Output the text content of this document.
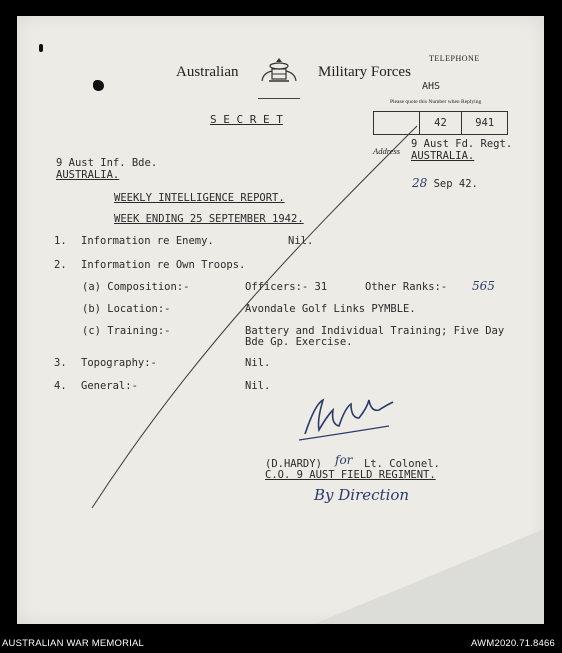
Australian	Military Forces
TELEPHONE
AHS
Please quote this Number when Replying
42	941
S E C R E T
Address
9 Aust Fd. Regt.
AUSTRALIA.
28 Sep 42.
9 Aust Inf. Bde.
AUSTRALIA.
WEEKLY INTELLIGENCE REPORT.
WEEK ENDING 25 SEPTEMBER 1942.
1. Information re Enemy.	Nil.
2. Information re Own Troops.
(a) Composition:-	Officers:- 31	Other Ranks:- 565
(b) Location:-	Avondale Golf Links PYMBLE.
(c) Training:-	Battery and Individual Training; Five Day
Bde Gp. Exercise.
3. Topography:-	Nil.
4. General:-	Nil.
(D.HARDY) for Lt. Colonel.
C.O. 9 AUST FIELD REGIMENT.
By Direction
AUSTRALIAN WAR MEMORIAL	AWM2020.71.8466
